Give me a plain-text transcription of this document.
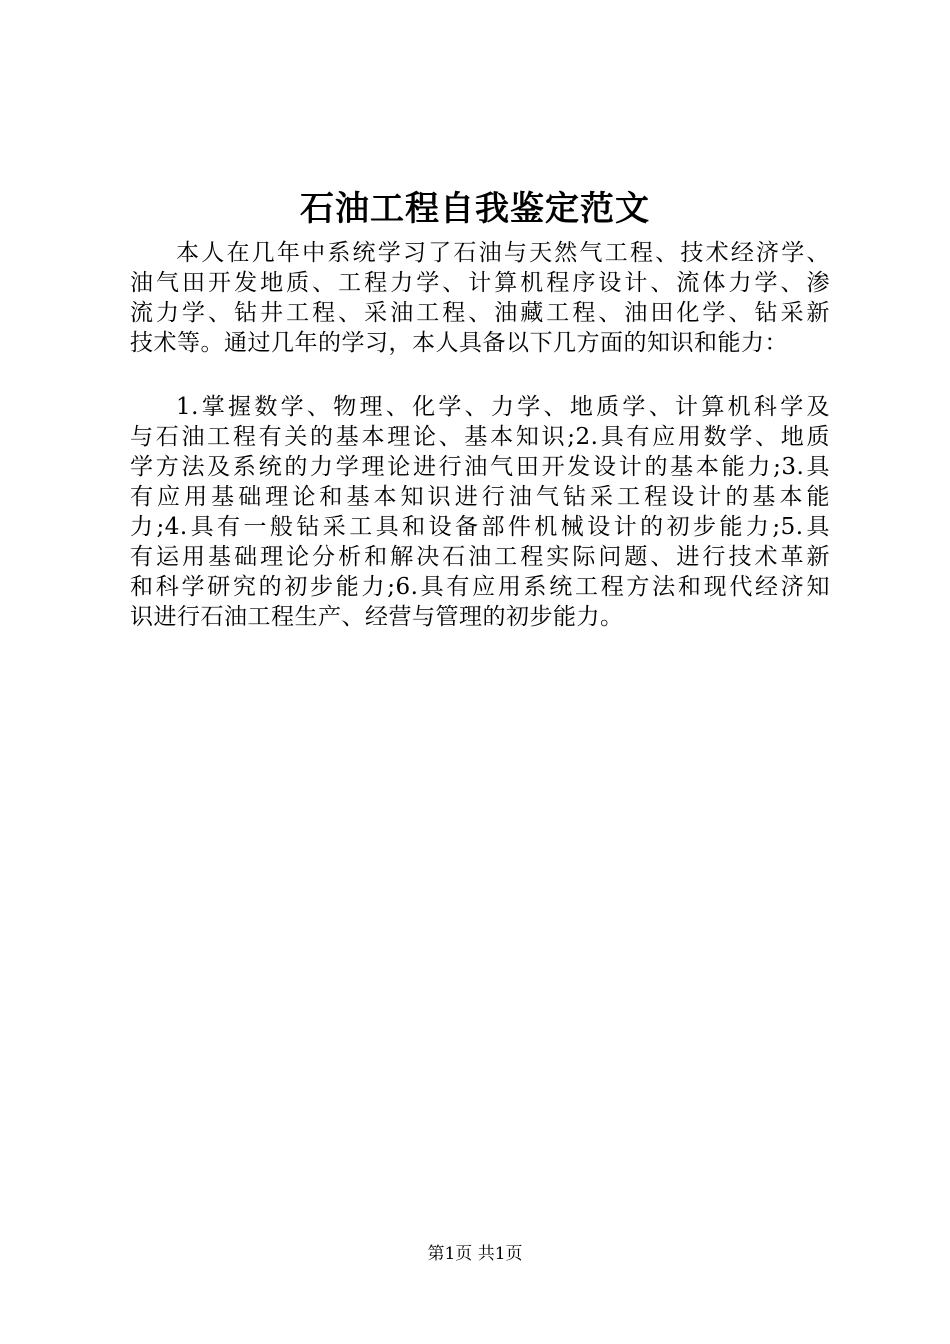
石油工程自我鉴定范文
本人在几年中系统学习了石油与天然气工程、技术经济学、
油气田开发地质、工程力学、计算机程序设计、流体力学、渗
流力学、钻井工程、采油工程、油藏工程、油田化学、钻采新
技术等。通过几年的学习，本人具备以下几方面的知识和能力：
1.掌握数学、物理、化学、力学、地质学、计算机科学及
与石油工程有关的基本理论、基本知识;2.具有应用数学、地质
学方法及系统的力学理论进行油气田开发设计的基本能力;3.具
有应用基础理论和基本知识进行油气钻采工程设计的基本能
力;4.具有一般钻采工具和设备部件机械设计的初步能力;5.具
有运用基础理论分析和解决石油工程实际问题、进行技术革新
和科学研究的初步能力;6.具有应用系统工程方法和现代经济知
识进行石油工程生产、经营与管理的初步能力。
第1页 共1页
